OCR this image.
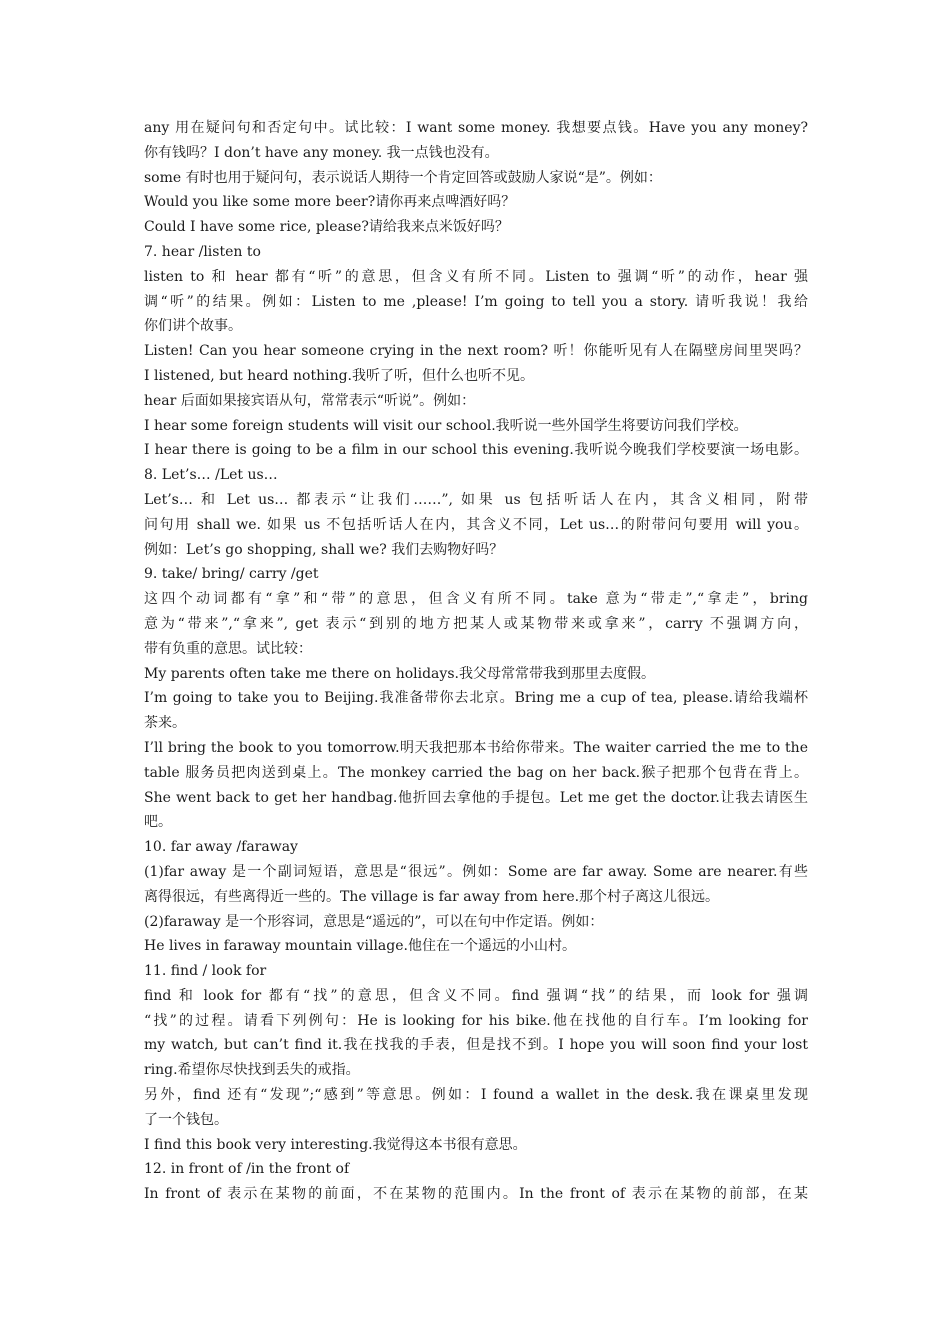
any 用在疑问句和否定句中。试比较：I want some money. 我想要点钱。Have you any money?
你有钱吗？I don’t have any money. 我一点钱也没有。
some 有时也用于疑问句，表示说话人期待一个肯定回答或鼓励人家说“是”。例如：
Would you like some more beer?请你再来点啤酒好吗？
Could I have some rice, please?请给我来点米饭好吗？
7. hear /listen to
listen to 和 hear 都有“听”的意思，但含义有所不同。Listen to 强调“听”的动作，hear 强
调“听”的结果。例如：Listen to me ,please! I’m going to tell you a story. 请听我说！我给
你们讲个故事。
Listen! Can you hear someone crying in the next room? 听！你能听见有人在隔壁房间里哭吗？
I listened, but heard nothing.我听了听，但什么也听不见。
hear 后面如果接宾语从句，常常表示“听说”。例如：
I hear some foreign students will visit our school.我听说一些外国学生将要访问我们学校。
I hear there is going to be a film in our school this evening.我听说今晚我们学校要演一场电影。
8. Let’s… /Let us…
Let’s… 和 Let us… 都表示“让我们……”, 如果 us 包括听话人在内，其含义相同，附带
问句用 shall we. 如果 us 不包括听话人在内，其含义不同，Let us…的附带问句要用 will you。
例如：Let’s go shopping, shall we? 我们去购物好吗？
9. take/ bring/ carry /get
这四个动词都有“拿”和“带”的意思，但含义有所不同。take 意为“带走”,“拿走”，bring
意为“带来”,“拿来”, get 表示“到别的地方把某人或某物带来或拿来”，carry 不强调方向，
带有负重的意思。试比较：
My parents often take me there on holidays.我父母常常带我到那里去度假。
I’m going to take you to Beijing.我准备带你去北京。Bring me a cup of tea, please.请给我端杯
茶来。
I’ll bring the book to you tomorrow.明天我把那本书给你带来。The waiter carried the me to the
table 服务员把肉送到桌上。The monkey carried the bag on her back.猴子把那个包背在背上。
She went back to get her handbag.他折回去拿他的手提包。Let me get the doctor.让我去请医生
吧。
10. far away /faraway
(1)far away 是一个副词短语，意思是“很远”。例如：Some are far away. Some are nearer.有些
离得很远，有些离得近一些的。The village is far away from here.那个村子离这儿很远。
(2)faraway 是一个形容词，意思是“遥远的”，可以在句中作定语。例如：
He lives in faraway mountain village.他住在一个遥远的小山村。
11. find / look for
find 和 look for 都有“找”的意思，但含义不同。find 强调“找”的结果，而 look for 强调
“找”的过程。请看下列例句：He is looking for his bike.他在找他的自行车。I’m looking for
my watch, but can’t find it.我在找我的手表，但是找不到。I hope you will soon find your lost
ring.希望你尽快找到丢失的戒指。
另外，find 还有“发现”;“感到”等意思。例如：I found a wallet in the desk.我在课桌里发现
了一个钱包。
I find this book very interesting.我觉得这本书很有意思。
12. in front of /in the front of
In front of 表示在某物的前面，不在某物的范围内。In the front of 表示在某物的前部，在某
